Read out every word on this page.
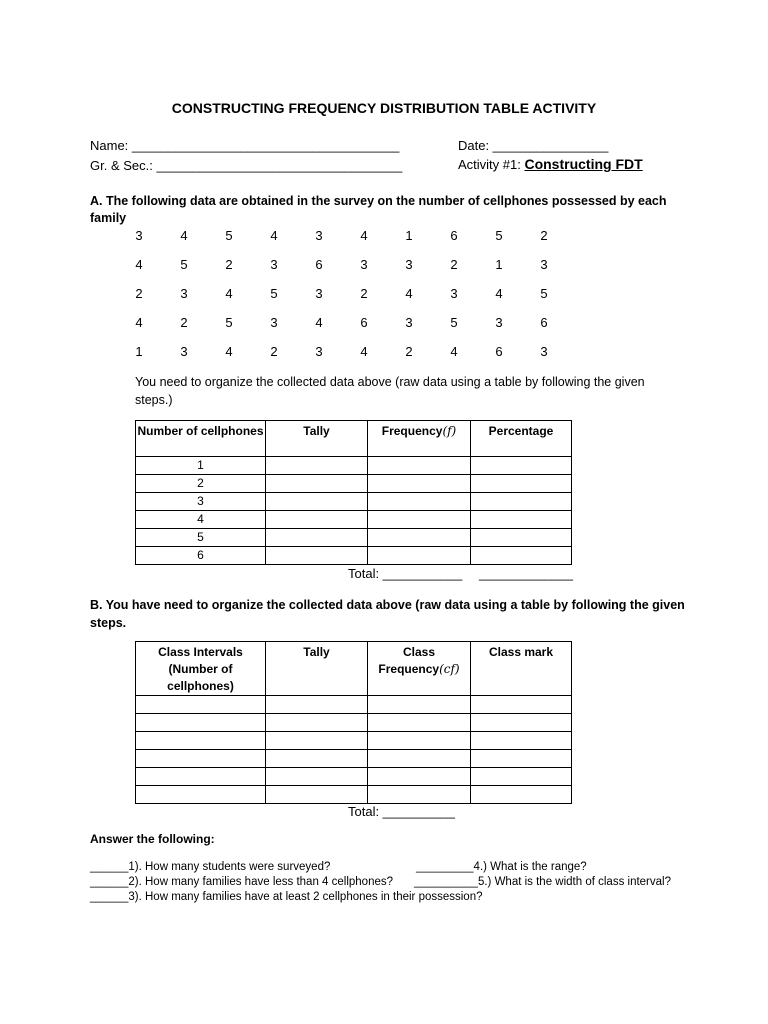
CONSTRUCTING FREQUENCY DISTRIBUTION TABLE ACTIVITY
Name: _____________________________________	Date: ________________
Gr. & Sec.: __________________________________	Activity #1: Constructing FDT
A. The following data are obtained in the survey on the number of cellphones possessed by each family
3	4	5	4	3	4	1	6	5	2
4	5	2	3	6	3	3	2	1	3
2	3	4	5	3	2	4	3	4	5
4	2	5	3	4	6	3	5	3	6
1	3	4	2	3	4	2	4	6	3
You need to organize the collected data above (raw data using a table by following the given steps.)
Number of cellphones	Tally	Frequency(f)	Percentage
1			
2			
3			
4			
5			
6			
Total: ___________ _____________
B. You have need to organize the collected data above (raw data using a table by following the given steps.
Class Intervals (Number of cellphones)	Tally	Class Frequency(cf)	Class mark

Total: __________
Answer the following:
______1). How many students were surveyed?
______2). How many families have less than 4 cellphones?
______3). How many families have at least 2 cellphones in their possession?
_________4.) What is the range?
__________5.) What is the width of class interval?
